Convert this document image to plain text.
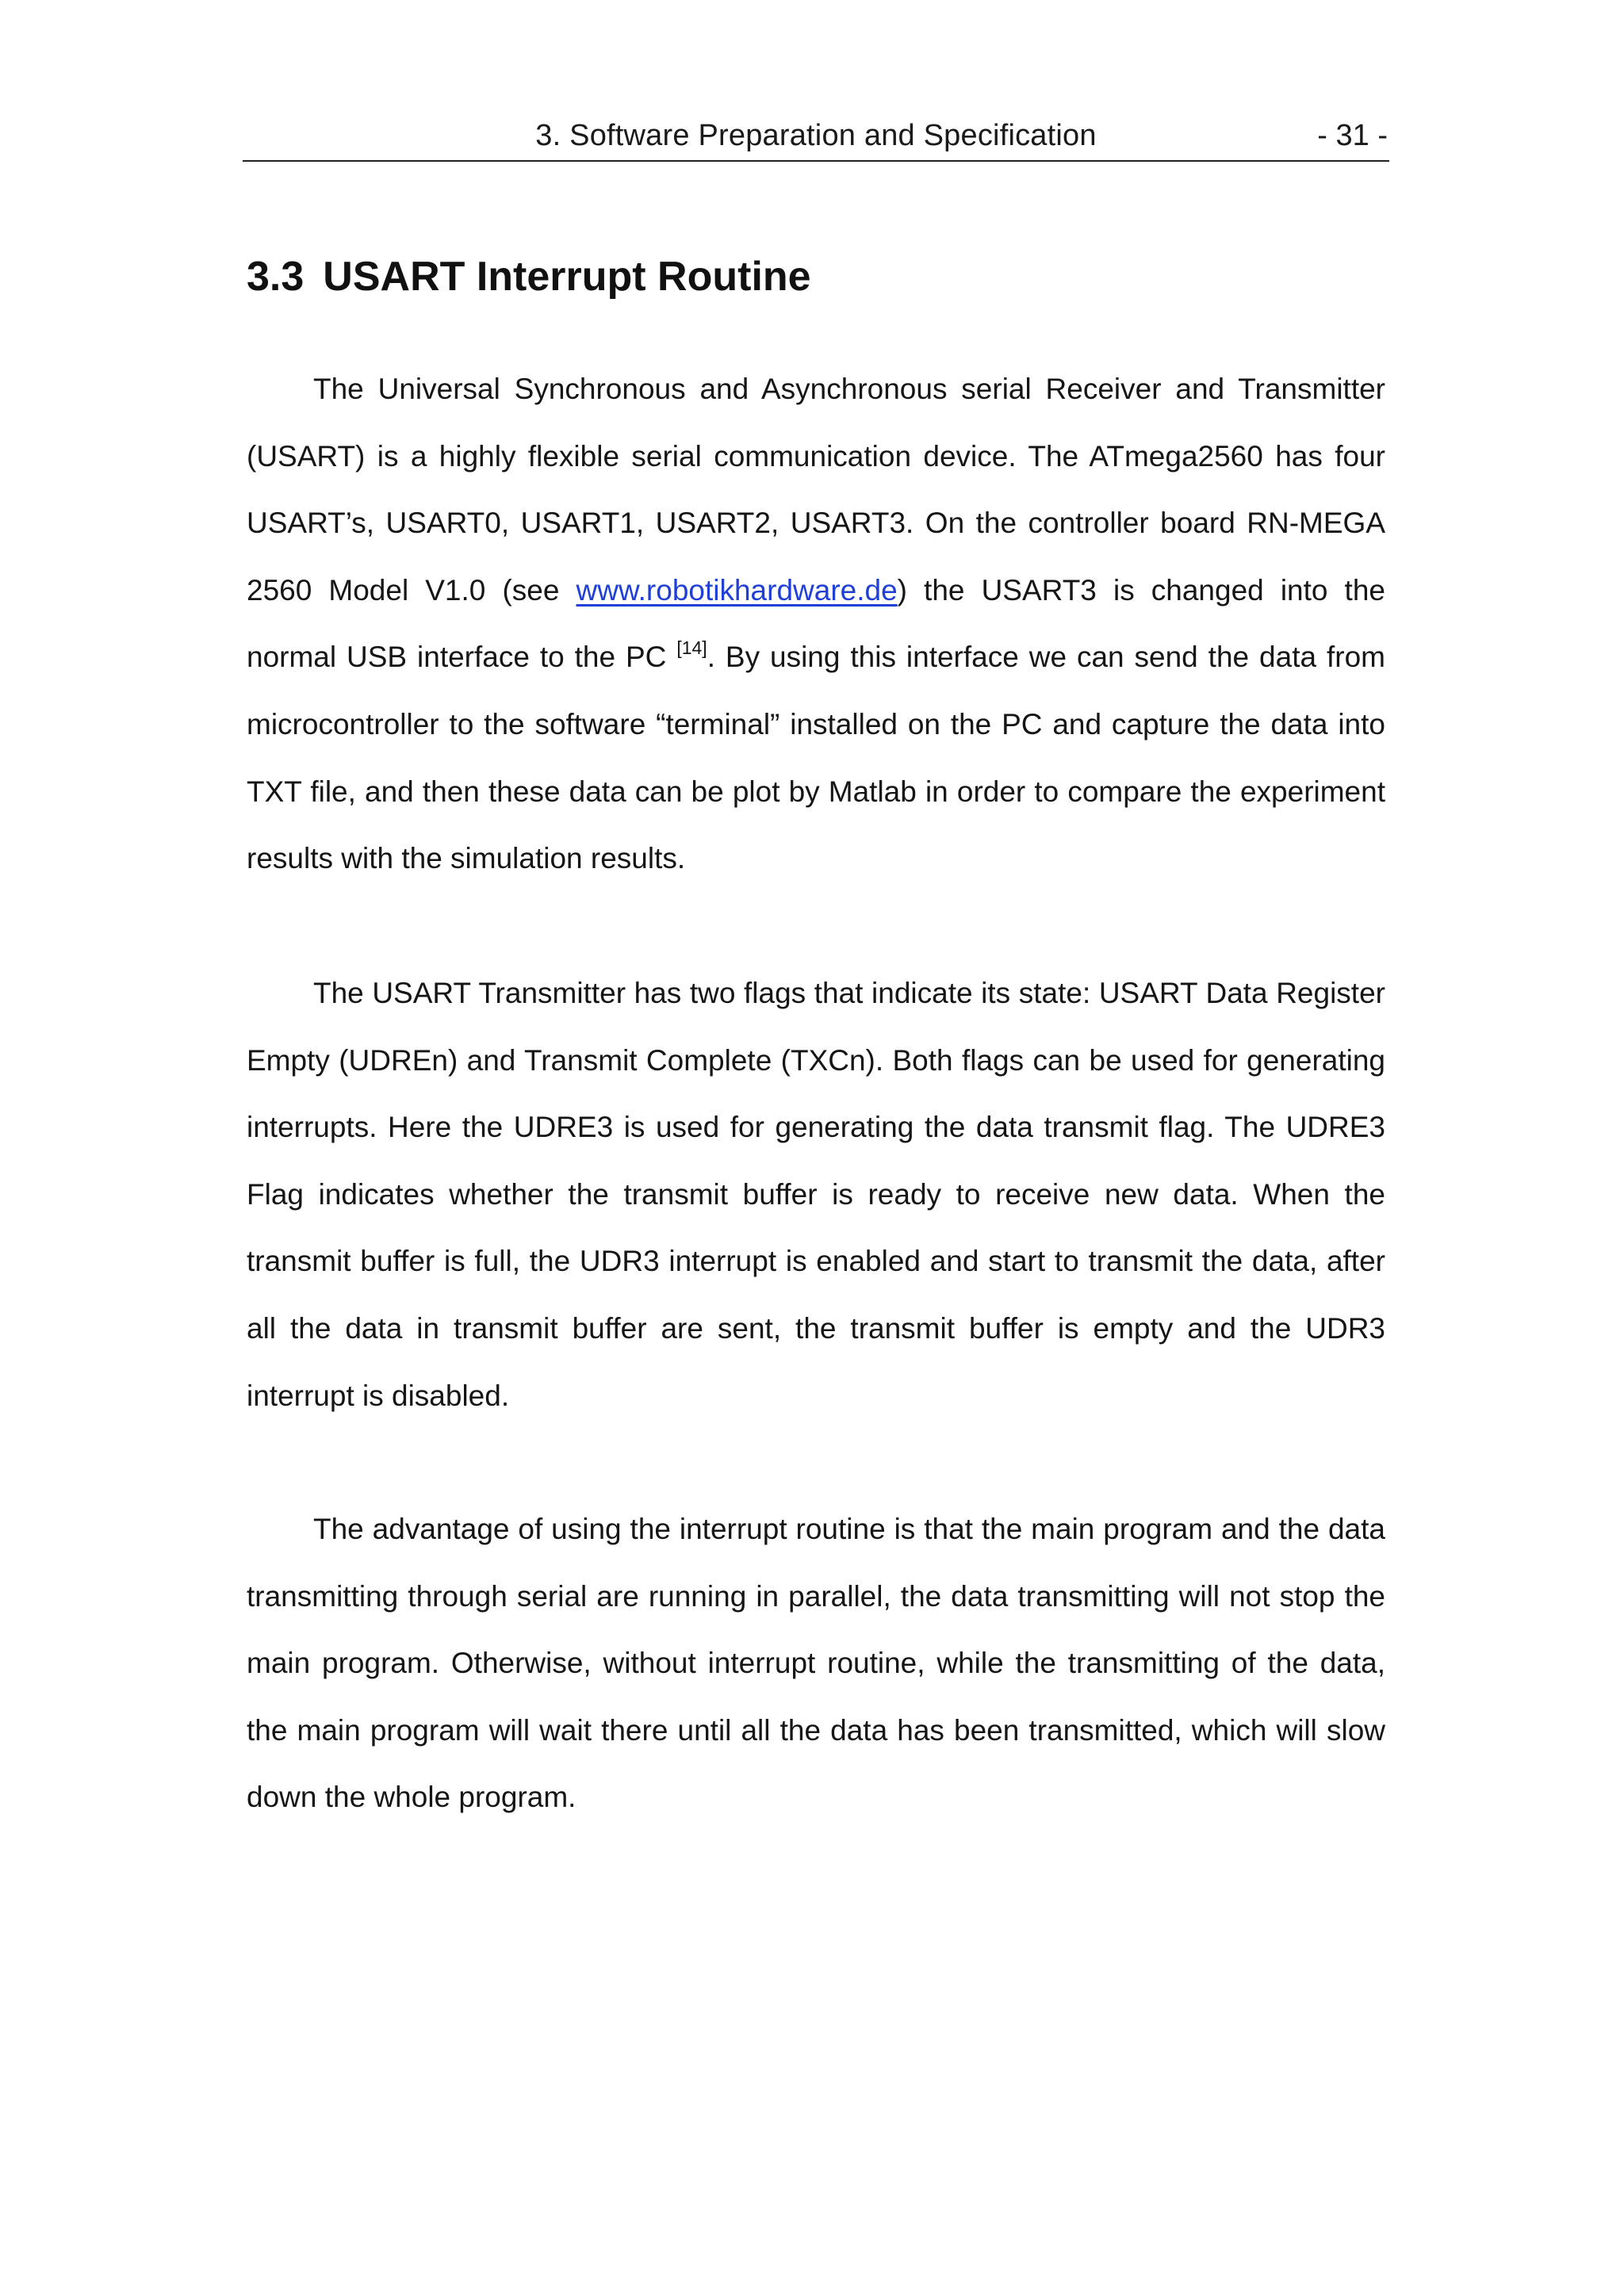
3. Software Preparation and Specification	- 31 -
3.3 USART Interrupt Routine

The Universal Synchronous and Asynchronous serial Receiver and Transmitter (USART) is a highly flexible serial communication device. The ATmega2560 has four USART’s, USART0, USART1, USART2, USART3. On the controller board RN-MEGA 2560 Model V1.0 (see www.robotikhardware.de) the USART3 is changed into the normal USB interface to the PC [14]. By using this interface we can send the data from microcontroller to the software “terminal” installed on the PC and capture the data into TXT file, and then these data can be plot by Matlab in order to compare the experiment results with the simulation results.

The USART Transmitter has two flags that indicate its state: USART Data Register Empty (UDREn) and Transmit Complete (TXCn). Both flags can be used for generating interrupts. Here the UDRE3 is used for generating the data transmit flag. The UDRE3 Flag indicates whether the transmit buffer is ready to receive new data. When the transmit buffer is full, the UDR3 interrupt is enabled and start to transmit the data, after all the data in transmit buffer are sent, the transmit buffer is empty and the UDR3 interrupt is disabled.

The advantage of using the interrupt routine is that the main program and the data transmitting through serial are running in parallel, the data transmitting will not stop the main program. Otherwise, without interrupt routine, while the transmitting of the data, the main program will wait there until all the data has been transmitted, which will slow down the whole program.
